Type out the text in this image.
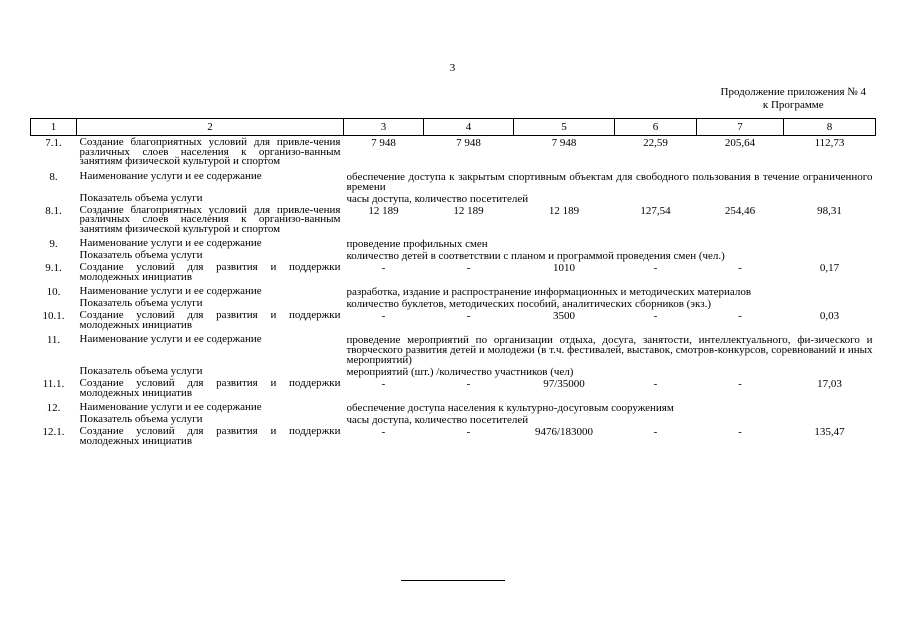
3
Продолжение приложения № 4
к Программе
1	2	3	4	5	6	7	8
7.1.	Создание благоприятных условий для привле-чения различных слоев населения к организо-ванным занятиям физической культурой и спортом	7 948	7 948	7 948	22,59	205,64	112,73
8.	Наименование услуги и ее содержание	обеспечение доступа к закрытым спортивным объектам для свободного пользования в течение ограниченного времени					
	Показатель объема услуги	часы доступа, количество посетителей					
8.1.	Создание благоприятных условий для привле-чения различных слоев населения к организо-ванным занятиям физической культурой и спортом	12 189	12 189	12 189	127,54	254,46	98,31
9.	Наименование услуги и ее содержание	проведение профильных смен					
	Показатель объема услуги	количество детей в соответствии с планом и программой проведения смен (чел.)					
9.1.	Создание условий для развития и поддержки молодежных инициатив	-	-	1010	-	-	0,17
10.	Наименование услуги и ее содержание	разработка, издание и распространение информационных и методических материалов					
	Показатель объема услуги	количество буклетов, методических пособий, аналитических сборников (экз.)					
10.1.	Создание условий для развития и поддержки молодежных инициатив	-	-	3500	-	-	0,03
11.	Наименование услуги и ее содержание	проведение мероприятий по организации отдыха, досуга, занятости, интеллектуального, фи-зического и творческого развития детей и молодежи (в т.ч. фестивалей, выставок, смотров-конкурсов, соревнований и иных мероприятий)					
	Показатель объема услуги	мероприятий (шт.) /количество участников (чел)					
11.1.	Создание условий для развития и поддержки молодежных инициатив	-	-	97/35000	-	-	17,03
12.	Наименование услуги и ее содержание	обеспечение доступа населения к культурно-досуговым сооружениям					
	Показатель объема услуги	часы доступа, количество посетителей					
12.1.	Создание условий для развития и поддержки молодежных инициатив	-	-	9476/183000	-	-	135,47
